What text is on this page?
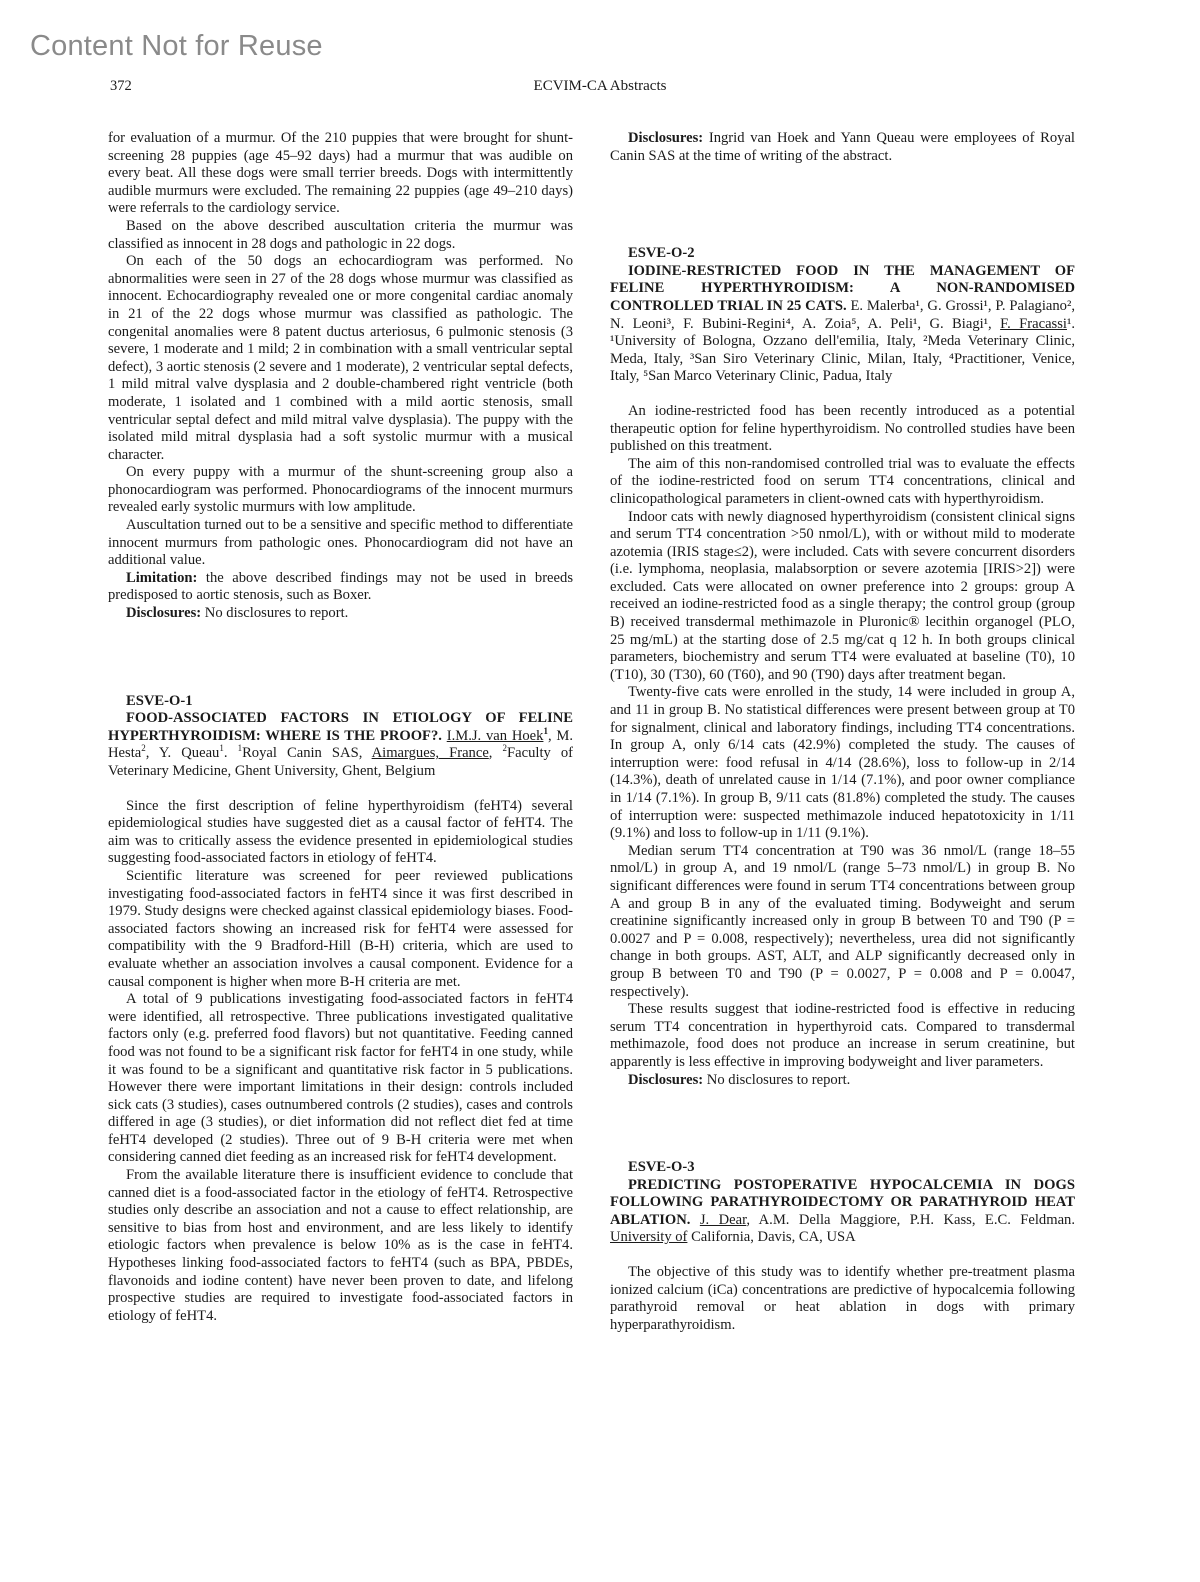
Content Not for Reuse
372	ECVIM-CA Abstracts

for evaluation of a murmur. Of the 210 puppies that were brought for shunt-screening 28 puppies (age 45–92 days) had a murmur that was audible on every beat. All these dogs were small terrier breeds. Dogs with intermittently audible murmurs were excluded. The remaining 22 puppies (age 49–210 days) were referrals to the cardiology service.

Based on the above described auscultation criteria the murmur was classified as innocent in 28 dogs and pathologic in 22 dogs.

On each of the 50 dogs an echocardiogram was performed. No abnormalities were seen in 27 of the 28 dogs whose murmur was classified as innocent. Echocardiography revealed one or more congenital cardiac anomaly in 21 of the 22 dogs whose murmur was classified as pathologic. The congenital anomalies were 8 patent ductus arteriosus, 6 pulmonic stenosis (3 severe, 1 moderate and 1 mild; 2 in combination with a small ventricular septal defect), 3 aortic stenosis (2 severe and 1 moderate), 2 ventricular septal defects, 1 mild mitral valve dysplasia and 2 double-chambered right ventricle (both moderate, 1 isolated and 1 combined with a mild aortic stenosis, small ventricular septal defect and mild mitral valve dysplasia). The puppy with the isolated mild mitral dysplasia had a soft systolic murmur with a musical character.

On every puppy with a murmur of the shunt-screening group also a phonocardiogram was performed. Phonocardiograms of the innocent murmurs revealed early systolic murmurs with low amplitude.

Auscultation turned out to be a sensitive and specific method to differentiate innocent murmurs from pathologic ones. Phonocardiogram did not have an additional value.

Limitation: the above described findings may not be used in breeds predisposed to aortic stenosis, such as Boxer.

Disclosures: No disclosures to report.

ESVE-O-1

FOOD-ASSOCIATED FACTORS IN ETIOLOGY OF FELINE HYPERTHYROIDISM: WHERE IS THE PROOF?. I.M.J. van Hoek$^1$, M. Hesta$^2$, Y. Queau$^1$. $^1$Royal Canin SAS, Aimargues, France, $^2$Faculty of Veterinary Medicine, Ghent University, Ghent, Belgium

Since the first description of feline hyperthyroidism (feHT4) several epidemiological studies have suggested diet as a causal factor of feHT4. The aim was to critically assess the evidence presented in epidemiological studies suggesting food-associated factors in etiology of feHT4.

Scientific literature was screened for peer reviewed publications investigating food-associated factors in feHT4 since it was first described in 1979. Study designs were checked against classical epidemiology biases. Food-associated factors showing an increased risk for feHT4 were assessed for compatibility with the 9 Bradford-Hill (B-H) criteria, which are used to evaluate whether an association involves a causal component. Evidence for a causal component is higher when more B-H criteria are met.

A total of 9 publications investigating food-associated factors in feHT4 were identified, all retrospective. Three publications investigated qualitative factors only (e.g. preferred food flavors) but not quantitative. Feeding canned food was not found to be a significant risk factor for feHT4 in one study, while it was found to be a significant and quantitative risk factor in 5 publications. However there were important limitations in their design: controls included sick cats (3 studies), cases outnumbered controls (2 studies), cases and controls differed in age (3 studies), or diet information did not reflect diet fed at time feHT4 developed (2 studies). Three out of 9 B-H criteria were met when considering canned diet feeding as an increased risk for feHT4 development.

From the available literature there is insufficient evidence to conclude that canned diet is a food-associated factor in the etiology of feHT4. Retrospective studies only describe an association and not a cause to effect relationship, are sensitive to bias from host and environment, and are less likely to identify etiologic factors when prevalence is below 10% as is the case in feHT4. Hypotheses linking food-associated factors to feHT4 (such as BPA, PBDEs, flavonoids and iodine content) have never been proven to date, and lifelong prospective studies are required to investigate food-associated factors in etiology of feHT4.

Disclosures: Ingrid van Hoek and Yann Queau were employees of Royal Canin SAS at the time of writing of the abstract.

ESVE-O-2

IODINE-RESTRICTED FOOD IN THE MANAGEMENT OF FELINE HYPERTHYROIDISM: A NON-RANDOMISED CONTROLLED TRIAL IN 25 CATS. E. Malerba¹, G. Grossi¹, P. Palagiano², N. Leoni³, F. Bubini-Regini⁴, A. Zoia⁵, A. Peli¹, G. Biagi¹, F. Fracassi¹. ¹University of Bologna, Ozzano dell'emilia, Italy, ²Meda Veterinary Clinic, Meda, Italy, ³San Siro Veterinary Clinic, Milan, Italy, ⁴Practitioner, Venice, Italy, ⁵San Marco Veterinary Clinic, Padua, Italy

An iodine-restricted food has been recently introduced as a potential therapeutic option for feline hyperthyroidism. No controlled studies have been published on this treatment.

The aim of this non-randomised controlled trial was to evaluate the effects of the iodine-restricted food on serum TT4 concentrations, clinical and clinicopathological parameters in client-owned cats with hyperthyroidism.

Indoor cats with newly diagnosed hyperthyroidism (consistent clinical signs and serum TT4 concentration >50 nmol/L), with or without mild to moderate azotemia (IRIS stage≤2), were included. Cats with severe concurrent disorders (i.e. lymphoma, neoplasia, malabsorption or severe azotemia [IRIS>2]) were excluded. Cats were allocated on owner preference into 2 groups: group A received an iodine-restricted food as a single therapy; the control group (group B) received transdermal methimazole in Pluronic® lecithin organogel (PLO, 25 mg/mL) at the starting dose of 2.5 mg/cat q 12 h. In both groups clinical parameters, biochemistry and serum TT4 were evaluated at baseline (T0), 10 (T10), 30 (T30), 60 (T60), and 90 (T90) days after treatment began.

Twenty-five cats were enrolled in the study, 14 were included in group A, and 11 in group B. No statistical differences were present between group at T0 for signalment, clinical and laboratory findings, including TT4 concentrations. In group A, only 6/14 cats (42.9%) completed the study. The causes of interruption were: food refusal in 4/14 (28.6%), loss to follow-up in 2/14 (14.3%), death of unrelated cause in 1/14 (7.1%), and poor owner compliance in 1/14 (7.1%). In group B, 9/11 cats (81.8%) completed the study. The causes of interruption were: suspected methimazole induced hepatotoxicity in 1/11 (9.1%) and loss to follow-up in 1/11 (9.1%).

Median serum TT4 concentration at T90 was 36 nmol/L (range 18–55 nmol/L) in group A, and 19 nmol/L (range 5–73 nmol/L) in group B. No significant differences were found in serum TT4 concentrations between group A and group B in any of the evaluated timing. Bodyweight and serum creatinine significantly increased only in group B between T0 and T90 (P = 0.0027 and P = 0.008, respectively); nevertheless, urea did not significantly change in both groups. AST, ALT, and ALP significantly decreased only in group B between T0 and T90 (P = 0.0027, P = 0.008 and P = 0.0047, respectively).

These results suggest that iodine-restricted food is effective in reducing serum TT4 concentration in hyperthyroid cats. Compared to transdermal methimazole, food does not produce an increase in serum creatinine, but apparently is less effective in improving bodyweight and liver parameters.

Disclosures: No disclosures to report.

ESVE-O-3

PREDICTING POSTOPERATIVE HYPOCALCEMIA IN DOGS FOLLOWING PARATHYROIDECTOMY OR PARATHYROID HEAT ABLATION. J. Dear, A.M. Della Maggiore, P.H. Kass, E.C. Feldman. University of California, Davis, CA, USA

The objective of this study was to identify whether pre-treatment plasma ionized calcium (iCa) concentrations are predictive of hypocalcemia following parathyroid removal or heat ablation in dogs with primary hyperparathyroidism.
